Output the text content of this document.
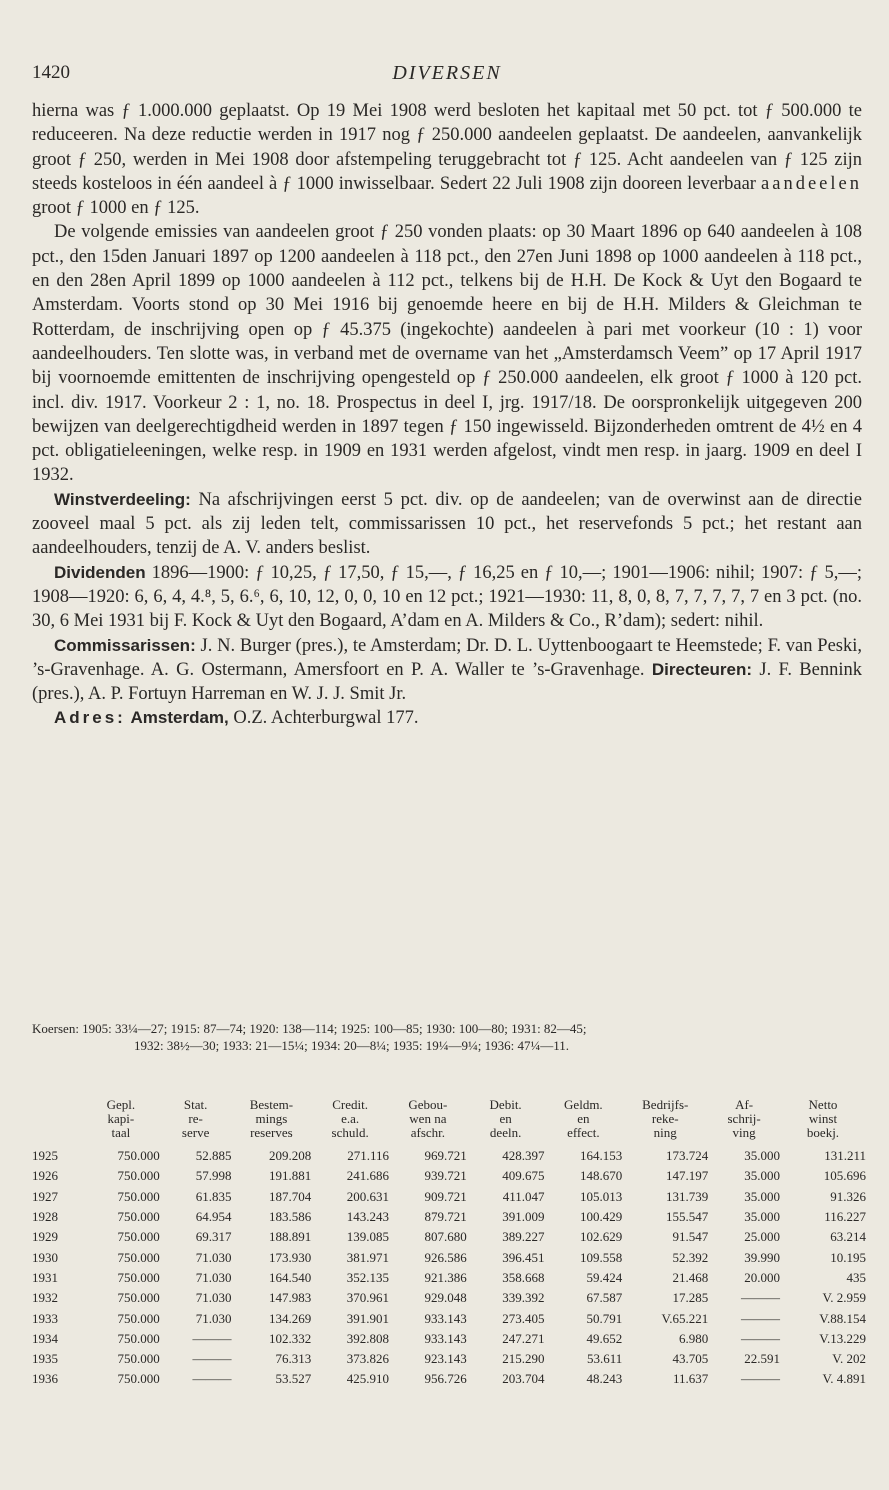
1420	DIVERSEN

hierna was ƒ 1.000.000 geplaatst. Op 19 Mei 1908 werd besloten het kapitaal met 50 pct. tot ƒ 500.000 te reduceeren. Na deze reductie werden in 1917 nog ƒ 250.000 aandeelen geplaatst. De aandeelen, aanvankelijk groot ƒ 250, werden in Mei 1908 door afstempeling teruggebracht tot ƒ 125. Acht aandeelen van ƒ 125 zijn steeds kosteloos in één aandeel à ƒ 1000 inwisselbaar. Sedert 22 Juli 1908 zijn dooreen leverbaar aandeelen groot ƒ 1000 en ƒ 125.

De volgende emissies van aandeelen groot ƒ 250 vonden plaats: op 30 Maart 1896 op 640 aandeelen à 108 pct., den 15den Januari 1897 op 1200 aandeelen à 118 pct., den 27en Juni 1898 op 1000 aandeelen à 118 pct., en den 28en April 1899 op 1000 aandeelen à 112 pct., telkens bij de H.H. De Kock & Uyt den Bogaard te Amsterdam. Voorts stond op 30 Mei 1916 bij genoemde heere en bij de H.H. Milders & Gleichman te Rotterdam, de inschrijving open op ƒ 45.375 (ingekochte) aandeelen à pari met voorkeur (10 : 1) voor aandeelhouders. Ten slotte was, in verband met de overname van het „Amsterdamsch Veem” op 17 April 1917 bij voornoemde emittenten de inschrijving opengesteld op ƒ 250.000 aandeelen, elk groot ƒ 1000 à 120 pct. incl. div. 1917. Voorkeur 2 : 1, no. 18. Prospectus in deel I, jrg. 1917/18. De oorspronkelijk uitgegeven 200 bewijzen van deelgerechtigdheid werden in 1897 tegen ƒ 150 ingewisseld. Bijzonderheden omtrent de 4½ en 4 pct. obligatieleeningen, welke resp. in 1909 en 1931 werden afgelost, vindt men resp. in jaarg. 1909 en deel I 1932.

Winstverdeeling: Na afschrijvingen eerst 5 pct. div. op de aandeelen; van de overwinst aan de directie zooveel maal 5 pct. als zij leden telt, commissarissen 10 pct., het reservefonds 5 pct.; het restant aan aandeelhouders, tenzij de A. V. anders beslist.

Dividenden 1896—1900: ƒ 10,25, ƒ 17,50, ƒ 15,—, ƒ 16,25 en ƒ 10,—; 1901—1906: nihil; 1907: ƒ 5,—; 1908—1920: 6, 6, 4, 4.⁸, 5, 6.⁶, 6, 10, 12, 0, 0, 10 en 12 pct.; 1921—1930: 11, 8, 0, 8, 7, 7, 7, 7, 7 en 3 pct. (no. 30, 6 Mei 1931 bij F. Kock & Uyt den Bogaard, A’dam en A. Milders & Co., R’dam); sedert: nihil.

Commissarissen: J. N. Burger (pres.), te Amsterdam; Dr. D. L. Uyttenboogaart te Heemstede; F. van Peski, ’s-Gravenhage. A. G. Ostermann, Amersfoort en P. A. Waller te ’s-Gravenhage. Directeuren: J. F. Bennink (pres.), A. P. Fortuyn Harreman en W. J. J. Smit Jr.

Adres: Amsterdam, O.Z. Achterburgwal 177.

Koersen: 1905: 33¼—27; 1915: 87—74; 1920: 138—114; 1925: 100—85; 1930: 100—80; 1931: 82—45;
1932: 38½—30; 1933: 21—15¼; 1934: 20—8¼; 1935: 19¼—9¼; 1936: 47¼—11.
	Gepl.
kapi-
taal	Stat.
re-
serve	Bestem-
mings
reserves	Credit.
e.a.
schuld.	Gebou-
wen na
afschr.	Debit.
en
deeln.	Geldm.
en
effect.	Bedrijfs-
reke-
ning	Af-
schrij-
ving	Netto
winst
boekj.
1925	750.000	52.885	209.208	271.116	969.721	428.397	164.153	173.724	35.000	131.211
1926	750.000	57.998	191.881	241.686	939.721	409.675	148.670	147.197	35.000	105.696
1927	750.000	61.835	187.704	200.631	909.721	411.047	105.013	131.739	35.000	91.326
1928	750.000	64.954	183.586	143.243	879.721	391.009	100.429	155.547	35.000	116.227
1929	750.000	69.317	188.891	139.085	807.680	389.227	102.629	91.547	25.000	63.214
1930	750.000	71.030	173.930	381.971	926.586	396.451	109.558	52.392	39.990	10.195
1931	750.000	71.030	164.540	352.135	921.386	358.668	59.424	21.468	20.000	435
1932	750.000	71.030	147.983	370.961	929.048	339.392	67.587	17.285	———	V. 2.959
1933	750.000	71.030	134.269	391.901	933.143	273.405	50.791	V.65.221	———	V.88.154
1934	750.000	———	102.332	392.808	933.143	247.271	49.652	6.980	———	V.13.229
1935	750.000	———	76.313	373.826	923.143	215.290	53.611	43.705	22.591	V. 202
1936	750.000	———	53.527	425.910	956.726	203.704	48.243	11.637	———	V. 4.891
